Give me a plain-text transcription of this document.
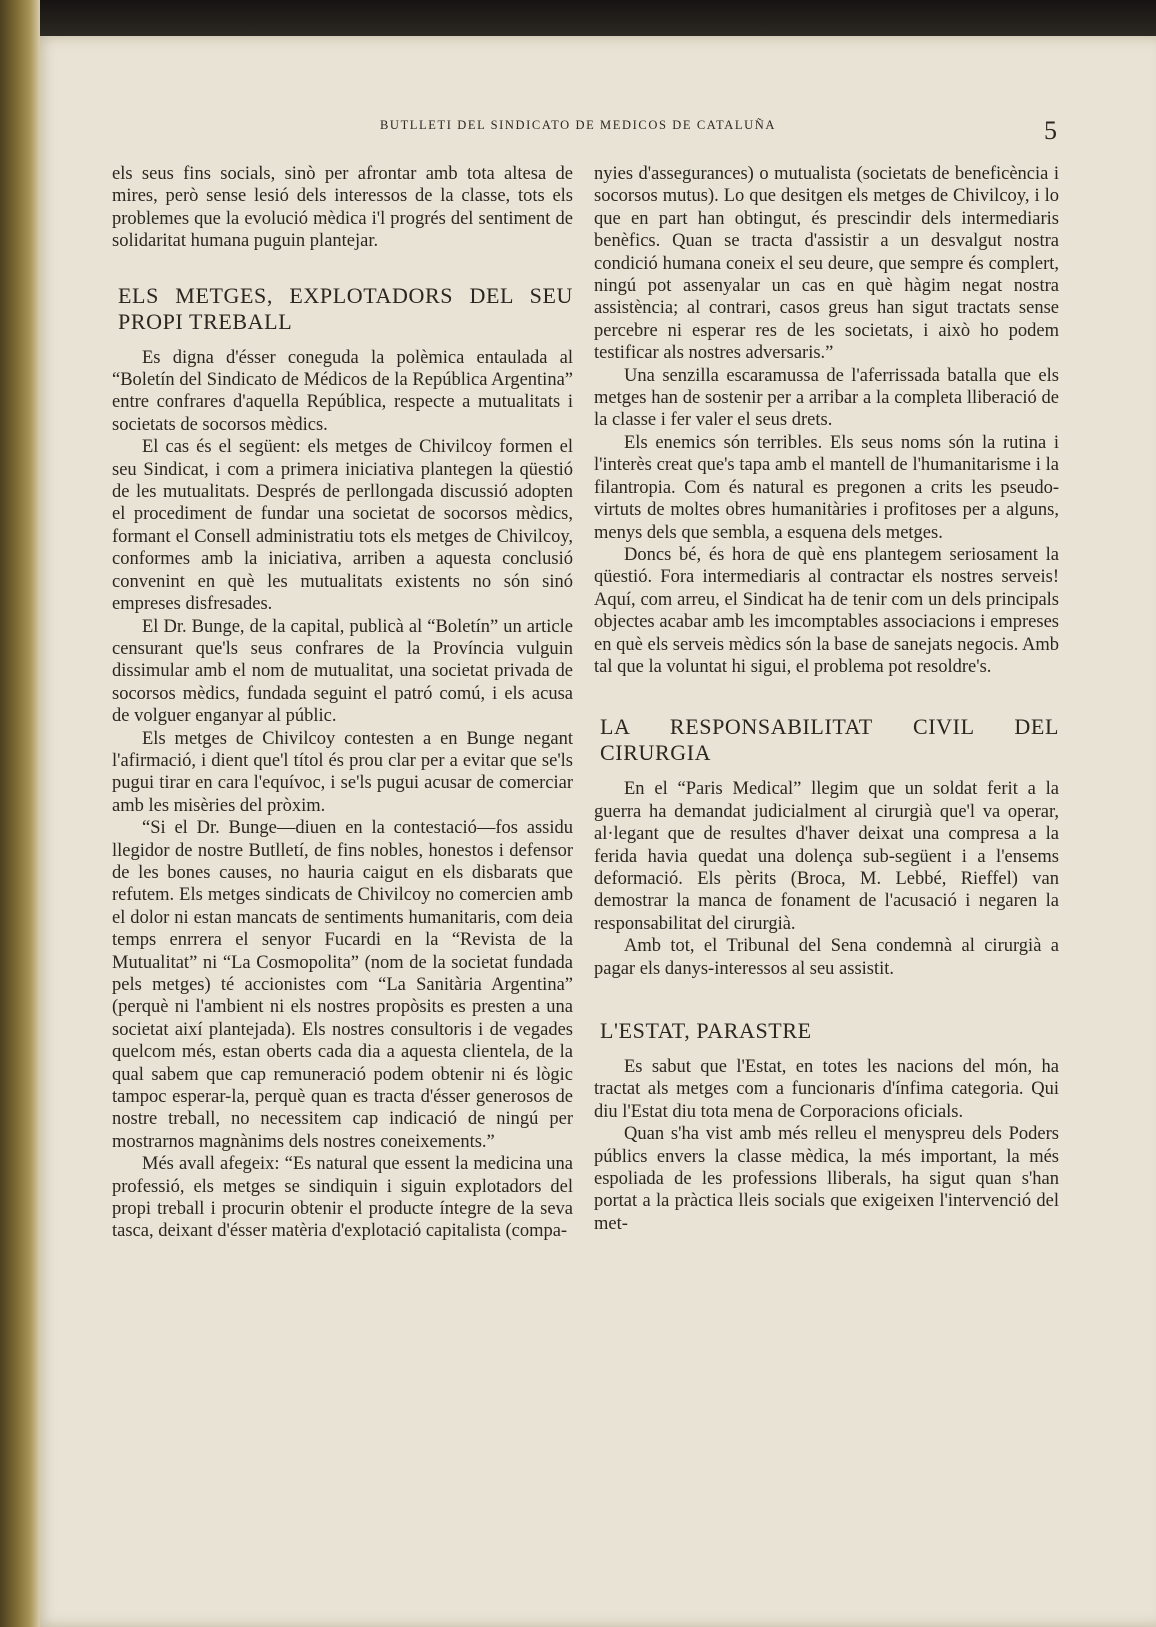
BUTLLETI DEL SINDICATO DE MEDICOS DE CATALUÑA	5

els seus fins socials, sinò per afrontar amb tota altesa de mires, però sense lesió dels interessos de la classe, tots els problemes que la evolució mèdica i'l progrés del sentiment de solidaritat humana puguin plantejar.

ELS METGES, EXPLOTADORS DEL SEU PROPI TREBALL

Es digna d'ésser coneguda la polèmica entaulada al “Boletín del Sindicato de Médicos de la República Argentina” entre confrares d'aquella República, respecte a mutualitats i societats de socorsos mèdics.

El cas és el següent: els metges de Chivilcoy formen el seu Sindicat, i com a primera iniciativa plantegen la qüestió de les mutualitats. Després de perllongada discussió adopten el procediment de fundar una societat de socorsos mèdics, formant el Consell administratiu tots els metges de Chivilcoy, conformes amb la iniciativa, arriben a aquesta conclusió convenint en què les mutualitats existents no són sinó empreses disfresades.

El Dr. Bunge, de la capital, publicà al “Boletín” un article censurant que'ls seus confrares de la Província vulguin dissimular amb el nom de mutualitat, una societat privada de socorsos mèdics, fundada seguint el patró comú, i els acusa de volguer enganyar al públic.

Els metges de Chivilcoy contesten a en Bunge negant l'afirmació, i dient que'l títol és prou clar per a evitar que se'ls pugui tirar en cara l'equívoc, i se'ls pugui acusar de comerciar amb les misèries del pròxim.

“Si el Dr. Bunge—diuen en la contestació—fos assidu llegidor de nostre Butlletí, de fins nobles, honestos i defensor de les bones causes, no hauria caigut en els disbarats que refutem. Els metges sindicats de Chivilcoy no comercien amb el dolor ni estan mancats de sentiments humanitaris, com deia temps enrrera el senyor Fucardi en la “Revista de la Mutualitat” ni “La Cosmopolita” (nom de la societat fundada pels metges) té accionistes com “La Sanitària Argentina” (perquè ni l'ambient ni els nostres propòsits es presten a una societat així plantejada). Els nostres consultoris i de vegades quelcom més, estan oberts cada dia a aquesta clientela, de la qual sabem que cap remuneració podem obtenir ni és lògic tampoc esperar-la, perquè quan es tracta d'ésser generosos de nostre treball, no necessitem cap indicació de ningú per mostrarnos magnànims dels nostres coneixements.”

Més avall afegeix: “Es natural que essent la medicina una professió, els metges se sindiquin i siguin explotadors del propi treball i procurin obtenir el producte íntegre de la seva tasca, deixant d'ésser matèria d'explotació capitalista (compa-

nyies d'assegurances) o mutualista (societats de beneficència i socorsos mutus). Lo que desitgen els metges de Chivilcoy, i lo que en part han obtingut, és prescindir dels intermediaris benèfics. Quan se tracta d'assistir a un desvalgut nostra condició humana coneix el seu deure, que sempre és complert, ningú pot assenyalar un cas en què hàgim negat nostra assistència; al contrari, casos greus han sigut tractats sense percebre ni esperar res de les societats, i això ho podem testificar als nostres adversaris.”

Una senzilla escaramussa de l'aferrissada batalla que els metges han de sostenir per a arribar a la completa lliberació de la classe i fer valer el seus drets.

Els enemics són terribles. Els seus noms són la rutina i l'interès creat que's tapa amb el mantell de l'humanitarisme i la filantropia. Com és natural es pregonen a crits les pseudo-virtuts de moltes obres humanitàries i profitoses per a alguns, menys dels que sembla, a esquena dels metges.

Doncs bé, és hora de què ens plantegem seriosament la qüestió. Fora intermediaris al contractar els nostres serveis! Aquí, com arreu, el Sindicat ha de tenir com un dels principals objectes acabar amb les imcomptables associacions i empreses en què els serveis mèdics són la base de sanejats negocis. Amb tal que la voluntat hi sigui, el problema pot resoldre's.

LA RESPONSABILITAT CIVIL DEL CIRURGIA

En el “Paris Medical” llegim que un soldat ferit a la guerra ha demandat judicialment al cirurgià que'l va operar, al·legant que de resultes d'haver deixat una compresa a la ferida havia quedat una dolença sub-següent i a l'ensems deformació. Els pèrits (Broca, M. Lebbé, Rieffel) van demostrar la manca de fonament de l'acusació i negaren la responsabilitat del cirurgià.

Amb tot, el Tribunal del Sena condemnà al cirurgià a pagar els danys-interessos al seu assistit.

L'ESTAT, PARASTRE

Es sabut que l'Estat, en totes les nacions del món, ha tractat als metges com a funcionaris d'ínfima categoria. Qui diu l'Estat diu tota mena de Corporacions oficials.

Quan s'ha vist amb més relleu el menyspreu dels Poders públics envers la classe mèdica, la més important, la més espoliada de les professions lliberals, ha sigut quan s'han portat a la pràctica lleis socials que exigeixen l'intervenció del met-
